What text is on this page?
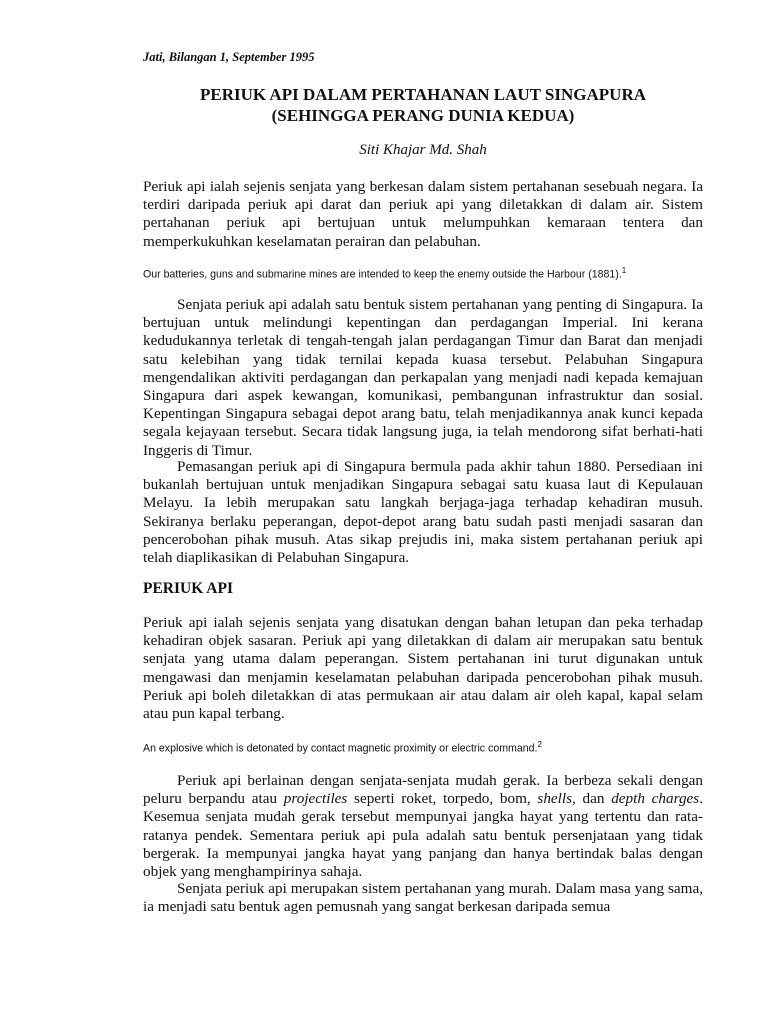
Jati, Bilangan 1, September 1995
PERIUK API DALAM PERTAHANAN LAUT SINGAPURA
(SEHINGGA PERANG DUNIA KEDUA)
Siti Khajar Md. Shah

Periuk api ialah sejenis senjata yang berkesan dalam sistem pertahanan sesebuah negara. Ia terdiri daripada periuk api darat dan periuk api yang diletakkan di dalam air. Sistem pertahanan periuk api bertujuan untuk melumpuhkan kemaraan tentera dan memperkukuhkan keselamatan perairan dan pelabuhan.

Our batteries, guns and submarine mines are intended to keep the enemy outside the Harbour (1881).$^1$

Senjata periuk api adalah satu bentuk sistem pertahanan yang penting di Singapura. Ia bertujuan untuk melindungi kepentingan dan perdagangan Imperial. Ini kerana kedudukannya terletak di tengah-tengah jalan perdagangan Timur dan Barat dan menjadi satu kelebihan yang tidak ternilai kepada kuasa tersebut. Pelabuhan Singapura mengendalikan aktiviti perdagangan dan perkapalan yang menjadi nadi kepada kemajuan Singapura dari aspek kewangan, komunikasi, pembangunan infrastruktur dan sosial. Kepentingan Singapura sebagai depot arang batu, telah menjadikannya anak kunci kepada segala kejayaan tersebut. Secara tidak langsung juga, ia telah mendorong sifat berhati-hati Inggeris di Timur.

Pemasangan periuk api di Singapura bermula pada akhir tahun 1880. Persediaan ini bukanlah bertujuan untuk menjadikan Singapura sebagai satu kuasa laut di Kepulauan Melayu. Ia lebih merupakan satu langkah berjaga-jaga terhadap kehadiran musuh. Sekiranya berlaku peperangan, depot-depot arang batu sudah pasti menjadi sasaran dan pencerobohan pihak musuh. Atas sikap prejudis ini, maka sistem pertahanan periuk api telah diaplikasikan di Pelabuhan Singapura.

PERIUK API

Periuk api ialah sejenis senjata yang disatukan dengan bahan letupan dan peka terhadap kehadiran objek sasaran. Periuk api yang diletakkan di dalam air merupakan satu bentuk senjata yang utama dalam peperangan. Sistem pertahanan ini turut digunakan untuk mengawasi dan menjamin keselamatan pelabuhan daripada pencerobohan pihak musuh. Periuk api boleh diletakkan di atas permukaan air atau dalam air oleh kapal, kapal selam atau pun kapal terbang.

An explosive which is detonated by contact magnetic proximity or electric command.$^2$

Periuk api berlainan dengan senjata-senjata mudah gerak. Ia berbeza sekali dengan peluru berpandu atau projectiles seperti roket, torpedo, bom, shells, dan depth charges. Kesemua senjata mudah gerak tersebut mempunyai jangka hayat yang tertentu dan rata-ratanya pendek. Sementara periuk api pula adalah satu bentuk persenjataan yang tidak bergerak. Ia mempunyai jangka hayat yang panjang dan hanya bertindak balas dengan objek yang menghampirinya sahaja.

Senjata periuk api merupakan sistem pertahanan yang murah. Dalam masa yang sama, ia menjadi satu bentuk agen pemusnah yang sangat berkesan daripada semua
